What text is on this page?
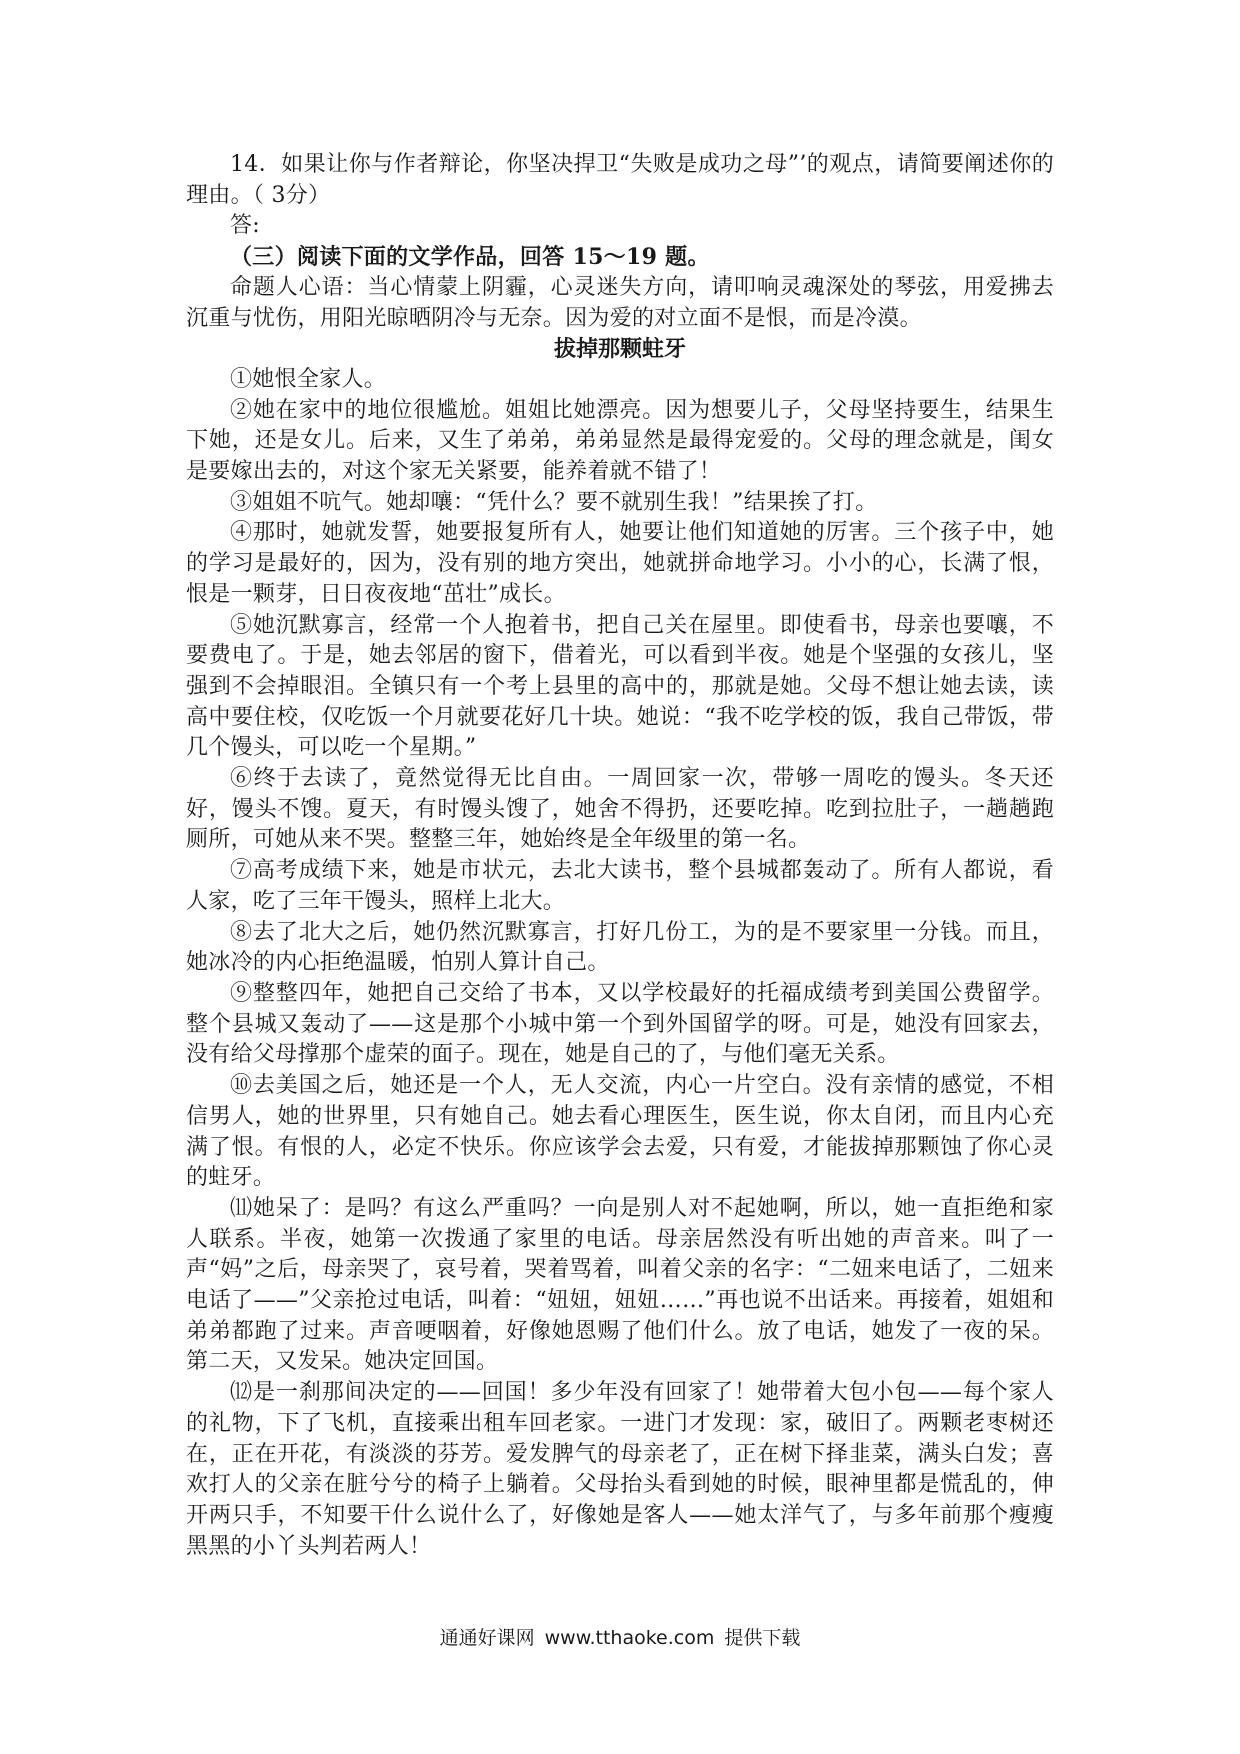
14．如果让你与作者辩论，你坚决捍卫“失败是成功之母”’的观点，请简要阐述你的理由。（ 3分）

答:

（三）阅读下面的文学作品，回答 15～19 题。

命题人心语：当心情蒙上阴霾，心灵迷失方向，请叩响灵魂深处的琴弦，用爱拂去沉重与忧伤，用阳光晾晒阴冷与无奈。因为爱的对立面不是恨，而是冷漠。

拔掉那颗蛀牙

①她恨全家人。

②她在家中的地位很尴尬。姐姐比她漂亮。因为想要儿子，父母坚持要生，结果生下她，还是女儿。后来，又生了弟弟，弟弟显然是最得宠爱的。父母的理念就是，闺女是要嫁出去的，对这个家无关紧要，能养着就不错了！

③姐姐不吭气。她却嚷：“凭什么？要不就别生我！”结果挨了打。

④那时，她就发誓，她要报复所有人，她要让他们知道她的厉害。三个孩子中，她的学习是最好的，因为，没有别的地方突出，她就拼命地学习。小小的心，长满了恨，恨是一颗芽，日日夜夜地“茁壮”成长。

⑤她沉默寡言，经常一个人抱着书，把自己关在屋里。即使看书，母亲也要嚷，不要费电了。于是，她去邻居的窗下，借着光，可以看到半夜。她是个坚强的女孩儿，坚强到不会掉眼泪。全镇只有一个考上县里的高中的，那就是她。父母不想让她去读，读高中要住校，仅吃饭一个月就要花好几十块。她说：“我不吃学校的饭，我自己带饭，带几个馒头，可以吃一个星期。”

⑥终于去读了，竟然觉得无比自由。一周回家一次，带够一周吃的馒头。冬天还好，馒头不馊。夏天，有时馒头馊了，她舍不得扔，还要吃掉。吃到拉肚子，一趟趟跑厕所，可她从来不哭。整整三年，她始终是全年级里的第一名。

⑦高考成绩下来，她是市状元，去北大读书，整个县城都轰动了。所有人都说，看人家，吃了三年干馒头，照样上北大。

⑧去了北大之后，她仍然沉默寡言，打好几份工，为的是不要家里一分钱。而且，她冰冷的内心拒绝温暖，怕别人算计自己。

⑨整整四年，她把自己交给了书本，又以学校最好的托福成绩考到美国公费留学。整个县城又轰动了——这是那个小城中第一个到外国留学的呀。可是，她没有回家去，没有给父母撑那个虚荣的面子。现在，她是自己的了，与他们毫无关系。

⑩去美国之后，她还是一个人，无人交流，内心一片空白。没有亲情的感觉，不相信男人，她的世界里，只有她自己。她去看心理医生，医生说，你太自闭，而且内心充满了恨。有恨的人，必定不快乐。你应该学会去爱，只有爱，才能拔掉那颗蚀了你心灵的蛀牙。

⑾她呆了：是吗？有这么严重吗？一向是别人对不起她啊，所以，她一直拒绝和家人联系。半夜，她第一次拨通了家里的电话。母亲居然没有听出她的声音来。叫了一声“妈”之后，母亲哭了，哀号着，哭着骂着，叫着父亲的名字：“二妞来电话了，二妞来电话了——”父亲抢过电话，叫着：“妞妞，妞妞……”再也说不出话来。再接着，姐姐和弟弟都跑了过来。声音哽咽着，好像她恩赐了他们什么。放了电话，她发了一夜的呆。第二天，又发呆。她决定回国。

⑿是一刹那间决定的——回国！多少年没有回家了！她带着大包小包——每个家人的礼物，下了飞机，直接乘出租车回老家。一进门才发现：家，破旧了。两颗老枣树还在，正在开花，有淡淡的芬芳。爱发脾气的母亲老了，正在树下择韭菜，满头白发；喜欢打人的父亲在脏兮兮的椅子上躺着。父母抬头看到她的时候，眼神里都是慌乱的，伸开两只手，不知要干什么说什么了，好像她是客人——她太洋气了，与多年前那个瘦瘦黑黑的小丫头判若两人！

通通好课网 www.tthaoke.com 提供下载
